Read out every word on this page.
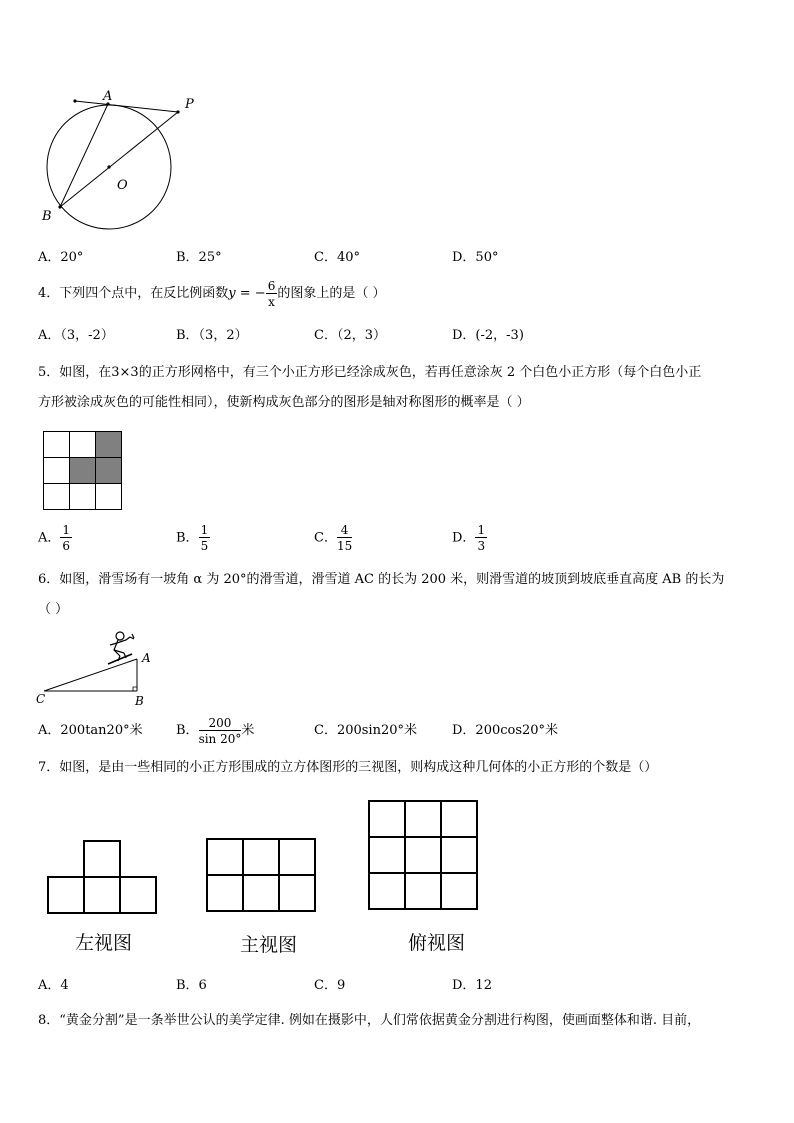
A
P
O
B
A．20°	B．25°	C．40°	D．50°
4．下列四个点中，在反比例函数y = − $\frac{6}{x}$ 的图象上的是（ ）
A．（3，-2）	B．（3，2）	C．（2，3）	D．(-2，-3)
5．如图，在3×3的正方形网格中，有三个小正方形已经涂成灰色，若再任意涂灰 2 个白色小正方形（每个白色小正
方形被涂成灰色的可能性相同），使新构成灰色部分的图形是轴对称图形的概率是（ ）

A． $\frac{1}{6}$	B． $\frac{1}{5}$	C． $\frac{4}{15}$	D． $\frac{1}{3}$
6．如图，滑雪场有一坡角 α 为 20°的滑雪道，滑雪道 AC 的长为 200 米，则滑雪道的坡顶到坡底垂直高度 AB 的长为
（ ）
A
C	B
A．200tan20°米	B． $\frac{200}{\sin 20^\circ}$ 米	C．200sin20°米	D．200cos20°米
7．如图，是由一些相同的小正方形围成的立方体图形的三视图，则构成这种几何体的小正方形的个数是（）
左视图	主视图	俯视图
A．4	B．6	C．9	D．12
8．“黄金分割”是一条举世公认的美学定律. 例如在摄影中，人们常依据黄金分割进行构图，使画面整体和谐. 目前，
